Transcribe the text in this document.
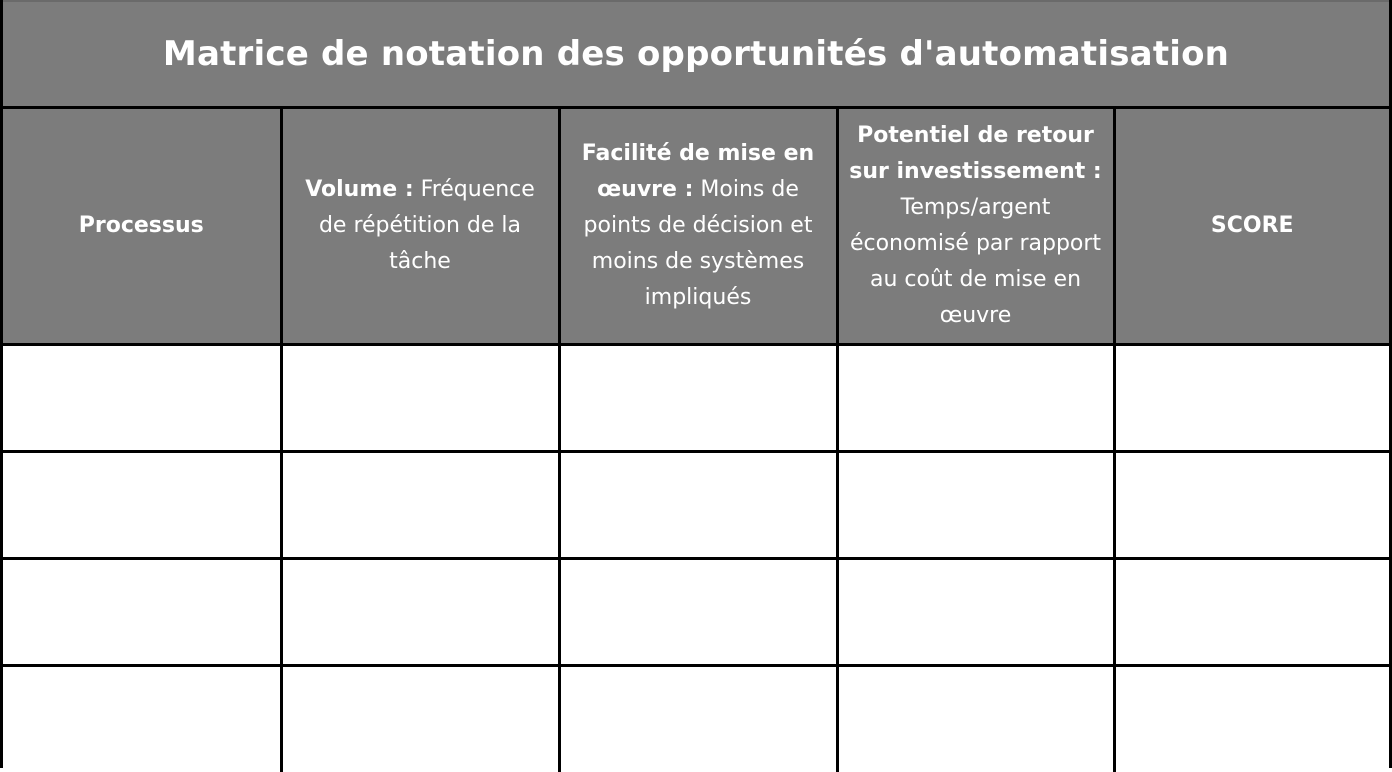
Matrice de notation des opportunités d'automatisation
Processus	Volume : Fréquence de répétition de la tâche	Facilité de mise en œuvre : Moins de points de décision et moins de systèmes impliqués	Potentiel de retour sur investissement : Temps/argent économisé par rapport au coût de mise en œuvre	SCORE
